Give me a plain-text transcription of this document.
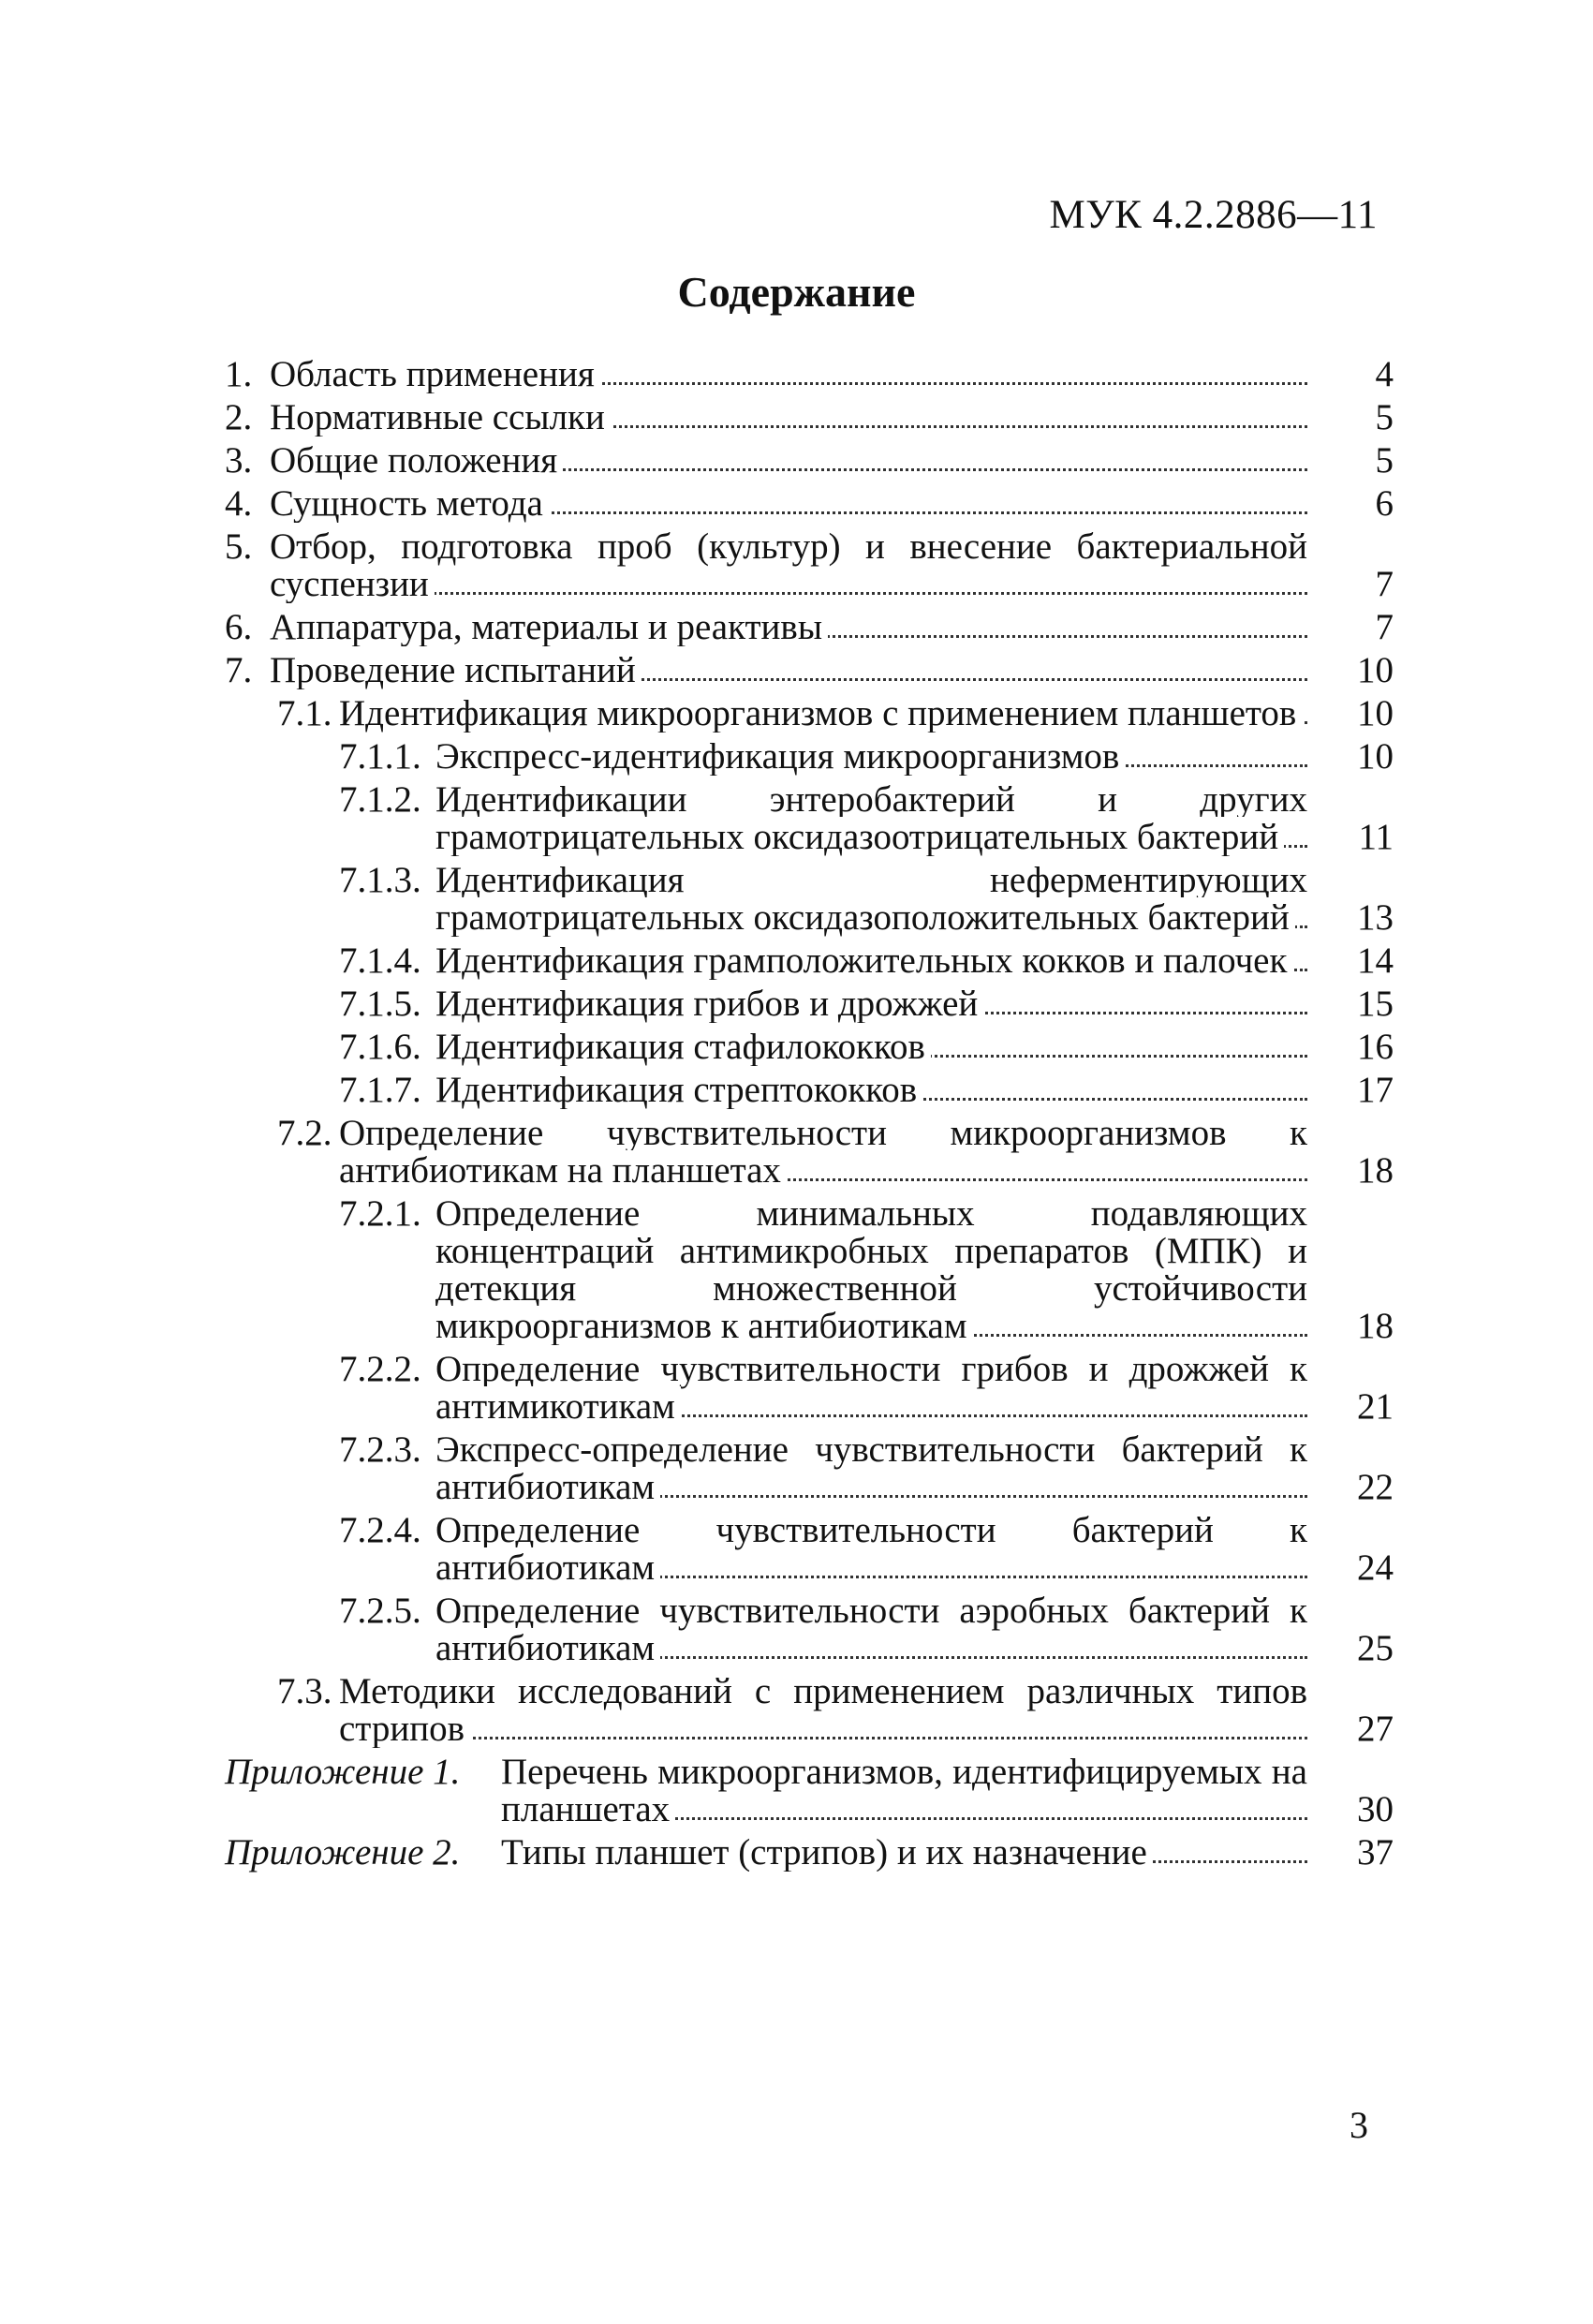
МУК 4.2.2886—11
Содержание
1. Область применения	4
2. Нормативные ссылки	5
3. Общие положения	5
4. Сущность метода	6
5. Отбор, подготовка проб (культур) и внесение бактериальной суспензии	7
6. Аппаратура, материалы и реактивы	7
7. Проведение испытаний	10
7.1. Идентификация микроорганизмов с применением планшетов	10
7.1.1. Экспресс-идентификация микроорганизмов	10
7.1.2. Идентификации энтеробактерий и других грамотрицательных оксидазоотрицательных бактерий	11
7.1.3. Идентификация неферментирующих грамотрицательных оксидазоположительных бактерий	13
7.1.4. Идентификация грамположительных кокков и палочек	14
7.1.5. Идентификация грибов и дрожжей	15
7.1.6. Идентификация стафилококков	16
7.1.7. Идентификация стрептококков	17
7.2. Определение чувствительности микроорганизмов к антибиотикам на планшетах	18
7.2.1. Определение минимальных подавляющих концентраций антимикробных препаратов (МПК) и детекция множественной устойчивости микроорганизмов к антибиотикам	18
7.2.2. Определение чувствительности грибов и дрожжей к антимикотикам	21
7.2.3. Экспресс-определение чувствительности бактерий к антибиотикам	22
7.2.4. Определение чувствительности бактерий к антибиотикам	24
7.2.5. Определение чувствительности аэробных бактерий к антибиотикам	25
7.3. Методики исследований с применением различных типов стрипов	27
Приложение 1.	Перечень микроорганизмов, идентифицируемых на планшетах	30
Приложение 2.	Типы планшет (стрипов) и их назначение	37
3
